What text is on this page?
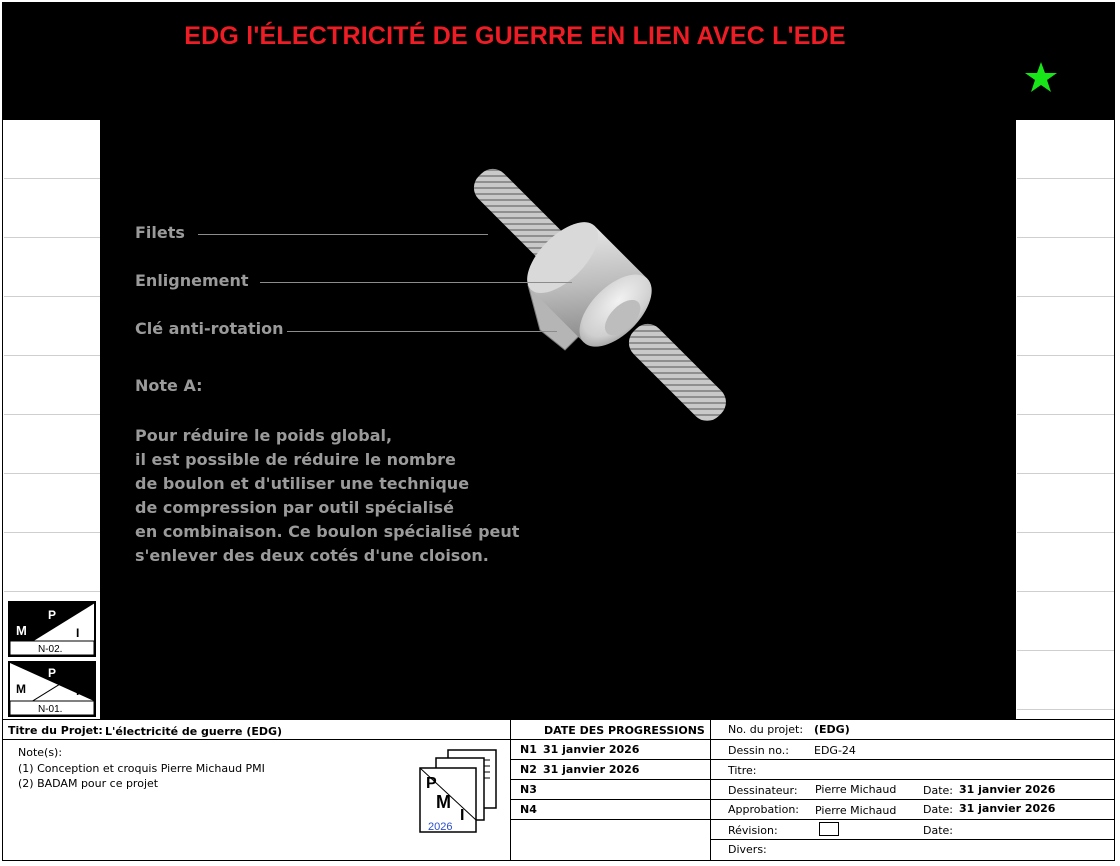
EDG l'ÉLECTRICITÉ DE GUERRE EN LIEN AVEC L'EDE
Filets
Enlignement
Clé anti-rotation
Note A:
Pour réduire le poids global,
il est possible de réduire le nombre
de boulon et d'utiliser une technique
de compression par outil spécialisé
en combinaison. Ce boulon spécialisé peut
s'enlever des deux cotés d'une cloison.
M
P
I
N-02.
M
P
I
N-01.
Titre du Projet: L'électricité de guerre (EDG)
Note(s):
(1) Conception et croquis Pierre Michaud PMI
(2) BADAM pour ce projet	P
M
I
2026
DATE DES PROGRESSIONS
N1 31 janvier 2026
N2 31 janvier 2026
N3
N4
No. du projet: (EDG)
Dessin no.: EDG-24
Titre:
Dessinateur: Pierre Michaud Date: 31 janvier 2026
Approbation: Pierre Michaud Date: 31 janvier 2026
Révision:	Date:
Divers:
